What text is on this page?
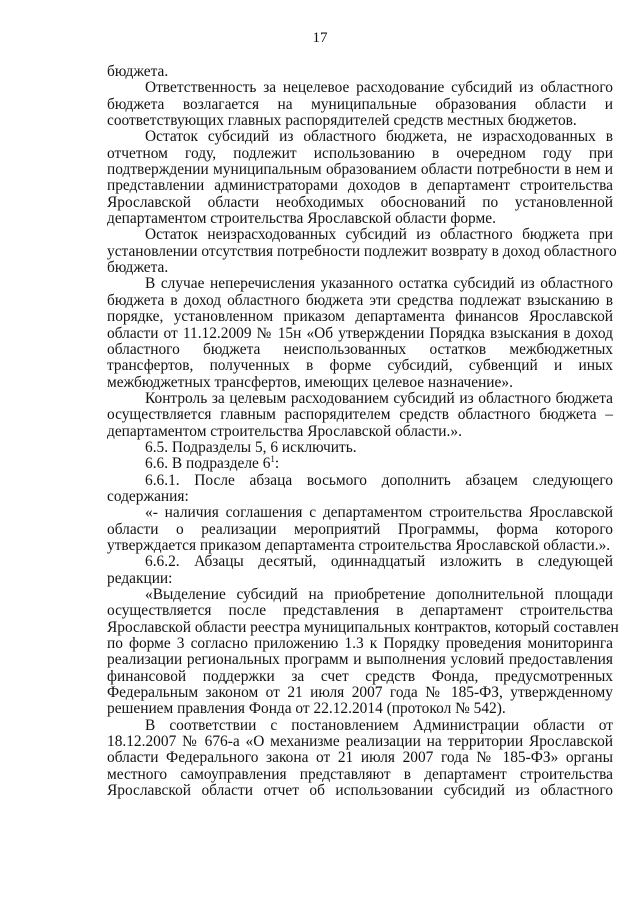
17
бюджета.
Ответственность за нецелевое расходование субсидий из областного
бюджета возлагается на муниципальные образования области и
соответствующих главных распорядителей средств местных бюджетов.
Остаток субсидий из областного бюджета, не израсходованных в
отчетном году, подлежит использованию в очередном году при
подтверждении муниципальным образованием области потребности в нем и
представлении администраторами доходов в департамент строительства
Ярославской области необходимых обоснований по установленной
департаментом строительства Ярославской области форме.
Остаток неизрасходованных субсидий из областного бюджета при
установлении отсутствия потребности подлежит возврату в доход областного
бюджета.
В случае неперечисления указанного остатка субсидий из областного
бюджета в доход областного бюджета эти средства подлежат взысканию в
порядке, установленном приказом департамента финансов Ярославской
области от 11.12.2009 № 15н «Об утверждении Порядка взыскания в доход
областного бюджета неиспользованных остатков межбюджетных
трансфертов, полученных в форме субсидий, субвенций и иных
межбюджетных трансфертов, имеющих целевое назначение».
Контроль за целевым расходованием субсидий из областного бюджета
осуществляется главным распорядителем средств областного бюджета –
департаментом строительства Ярославской области.».
6.5. Подразделы 5, 6 исключить.
6.6. В подразделе $6^1$:
6.6.1. После абзаца восьмого дополнить абзацем следующего
содержания:
«- наличия соглашения с департаментом строительства Ярославской
области о реализации мероприятий Программы, форма которого
утверждается приказом департамента строительства Ярославской области.».
6.6.2. Абзацы десятый, одиннадцатый изложить в следующей
редакции:
«Выделение субсидий на приобретение дополнительной площади
осуществляется после представления в департамент строительства
Ярославской области реестра муниципальных контрактов, который составлен
по форме 3 согласно приложению 1.3 к Порядку проведения мониторинга
реализации региональных программ и выполнения условий предоставления
финансовой поддержки за счет средств Фонда, предусмотренных
Федеральным законом от 21 июля 2007 года № 185-ФЗ, утвержденному
решением правления Фонда от 22.12.2014 (протокол № 542).
В соответствии с постановлением Администрации области от
18.12.2007 № 676-а «О механизме реализации на территории Ярославской
области Федерального закона от 21 июля 2007 года № 185-ФЗ» органы
местного самоуправления представляют в департамент строительства
Ярославской области отчет об использовании субсидий из областного
